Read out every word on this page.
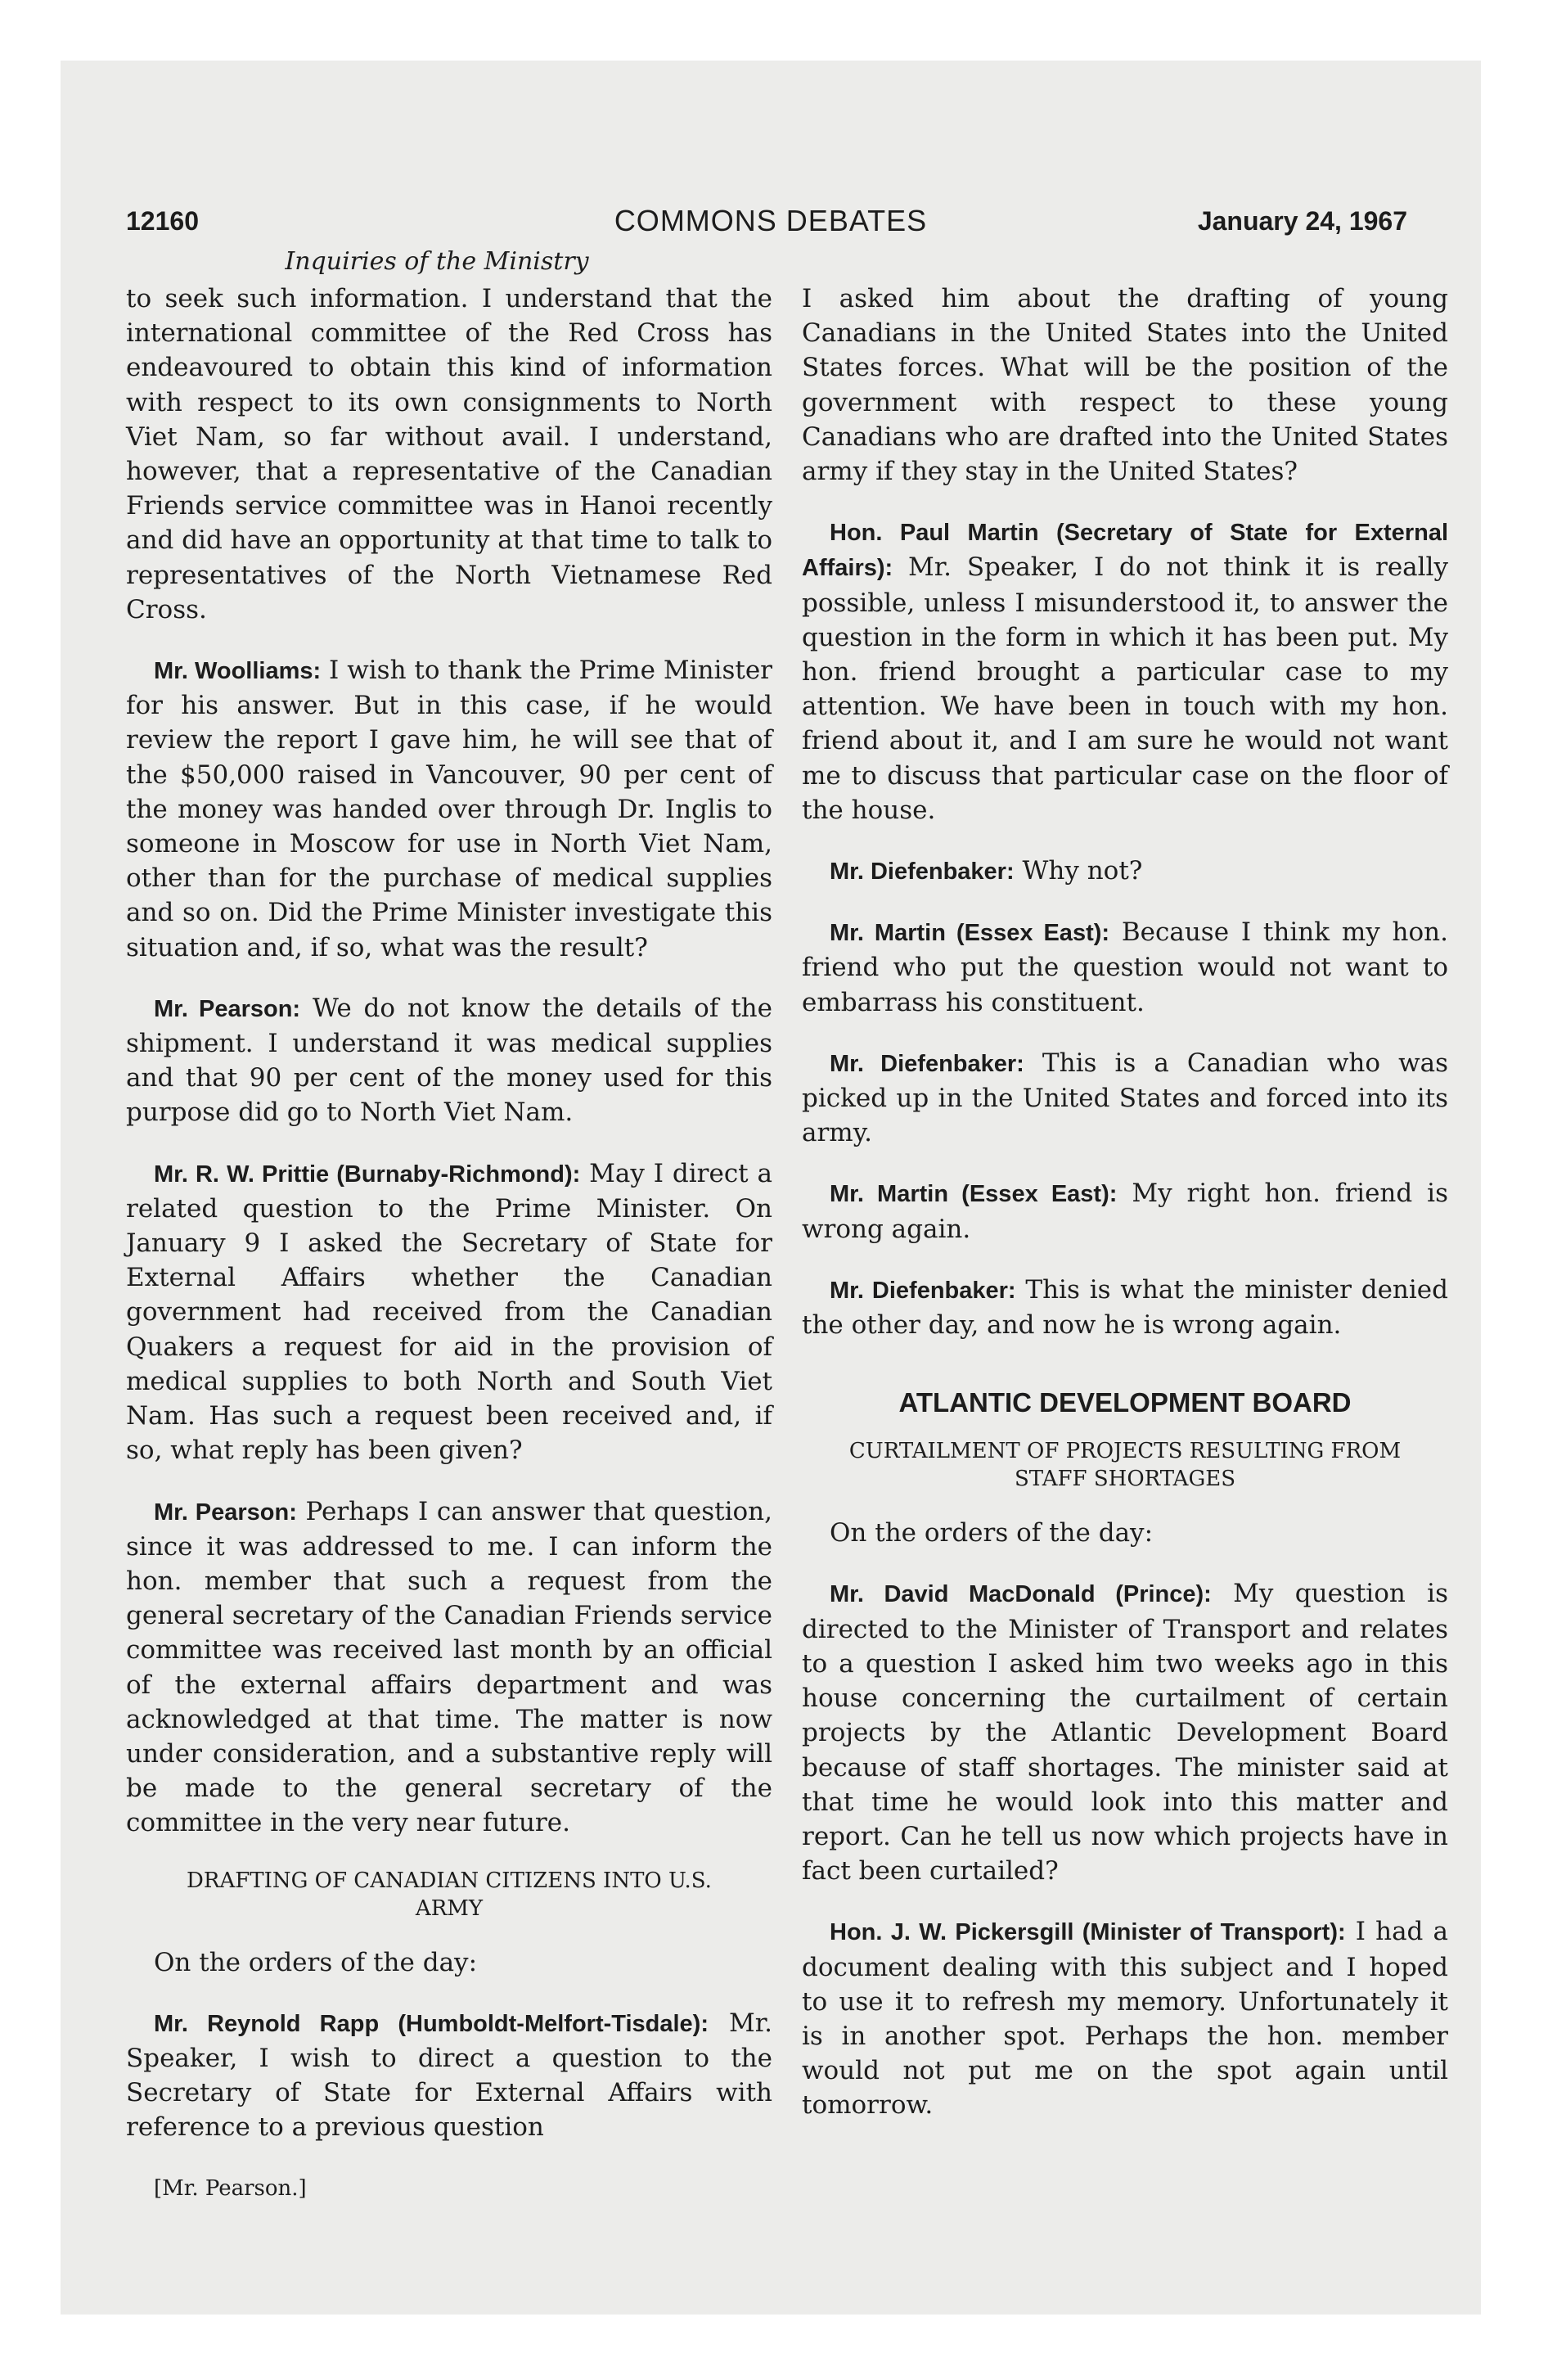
12160	COMMONS DEBATES	January 24, 1967
Inquiries of the Ministry

to seek such information. I understand that the international committee of the Red Cross has endeavoured to obtain this kind of information with respect to its own consignments to North Viet Nam, so far without avail. I understand, however, that a representative of the Canadian Friends service committee was in Hanoi recently and did have an opportunity at that time to talk to representatives of the North Vietnamese Red Cross.

Mr. Woolliams: I wish to thank the Prime Minister for his answer. But in this case, if he would review the report I gave him, he will see that of the $50,000 raised in Vancouver, 90 per cent of the money was handed over through Dr. Inglis to someone in Moscow for use in North Viet Nam, other than for the purchase of medical supplies and so on. Did the Prime Minister investigate this situation and, if so, what was the result?

Mr. Pearson: We do not know the details of the shipment. I understand it was medical supplies and that 90 per cent of the money used for this purpose did go to North Viet Nam.

Mr. R. W. Prittie (Burnaby-Richmond): May I direct a related question to the Prime Minister. On January 9 I asked the Secretary of State for External Affairs whether the Canadian government had received from the Canadian Quakers a request for aid in the provision of medical supplies to both North and South Viet Nam. Has such a request been received and, if so, what reply has been given?

Mr. Pearson: Perhaps I can answer that question, since it was addressed to me. I can inform the hon. member that such a request from the general secretary of the Canadian Friends service committee was received last month by an official of the external affairs department and was acknowledged at that time. The matter is now under consideration, and a substantive reply will be made to the general secretary of the committee in the very near future.

DRAFTING OF CANADIAN CITIZENS INTO U.S. ARMY

On the orders of the day:

Mr. Reynold Rapp (Humboldt-Melfort-Tisdale): Mr. Speaker, I wish to direct a question to the Secretary of State for External Affairs with reference to a previous question

[Mr. Pearson.]

I asked him about the drafting of young Canadians in the United States into the United States forces. What will be the position of the government with respect to these young Canadians who are drafted into the United States army if they stay in the United States?

Hon. Paul Martin (Secretary of State for External Affairs): Mr. Speaker, I do not think it is really possible, unless I misunderstood it, to answer the question in the form in which it has been put. My hon. friend brought a particular case to my attention. We have been in touch with my hon. friend about it, and I am sure he would not want me to discuss that particular case on the floor of the house.

Mr. Diefenbaker: Why not?

Mr. Martin (Essex East): Because I think my hon. friend who put the question would not want to embarrass his constituent.

Mr. Diefenbaker: This is a Canadian who was picked up in the United States and forced into its army.

Mr. Martin (Essex East): My right hon. friend is wrong again.

Mr. Diefenbaker: This is what the minister denied the other day, and now he is wrong again.

ATLANTIC DEVELOPMENT BOARD
CURTAILMENT OF PROJECTS RESULTING FROM STAFF SHORTAGES

On the orders of the day:

Mr. David MacDonald (Prince): My question is directed to the Minister of Transport and relates to a question I asked him two weeks ago in this house concerning the curtailment of certain projects by the Atlantic Development Board because of staff shortages. The minister said at that time he would look into this matter and report. Can he tell us now which projects have in fact been curtailed?

Hon. J. W. Pickersgill (Minister of Transport): I had a document dealing with this subject and I hoped to use it to refresh my memory. Unfortunately it is in another spot. Perhaps the hon. member would not put me on the spot again until tomorrow.
